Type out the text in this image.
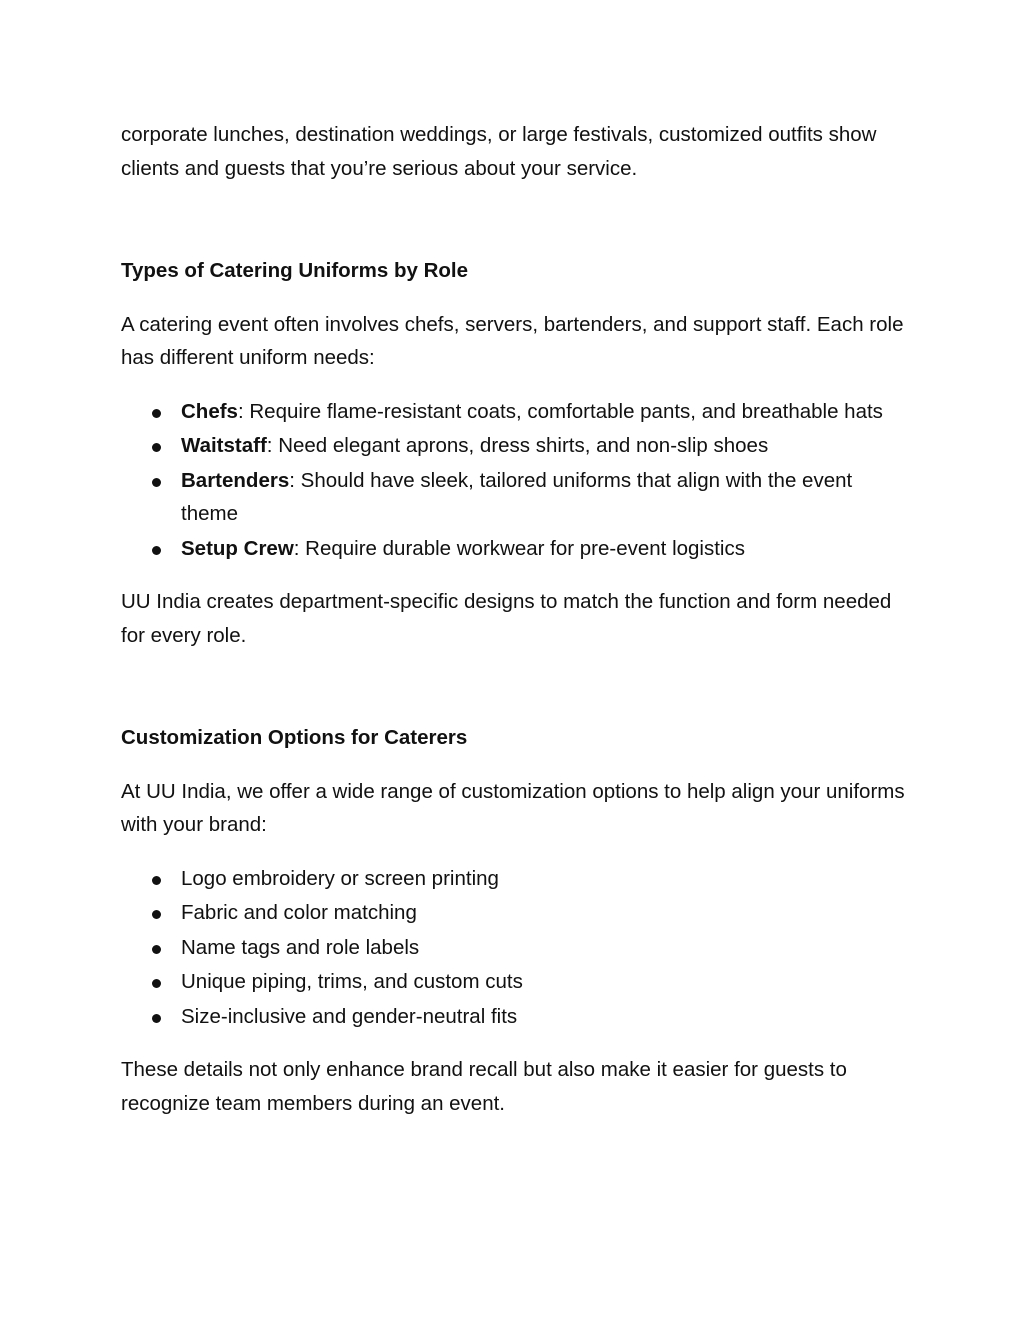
corporate lunches, destination weddings, or large festivals, customized outfits show clients and guests that you’re serious about your service.

Types of Catering Uniforms by Role

A catering event often involves chefs, servers, bartenders, and support staff. Each role has different uniform needs:

Chefs: Require flame-resistant coats, comfortable pants, and breathable hats
Waitstaff: Need elegant aprons, dress shirts, and non-slip shoes
Bartenders: Should have sleek, tailored uniforms that align with the event theme
Setup Crew: Require durable workwear for pre-event logistics

UU India creates department-specific designs to match the function and form needed for every role.

Customization Options for Caterers

At UU India, we offer a wide range of customization options to help align your uniforms with your brand:

Logo embroidery or screen printing
Fabric and color matching
Name tags and role labels
Unique piping, trims, and custom cuts
Size-inclusive and gender-neutral fits

These details not only enhance brand recall but also make it easier for guests to recognize team members during an event.
